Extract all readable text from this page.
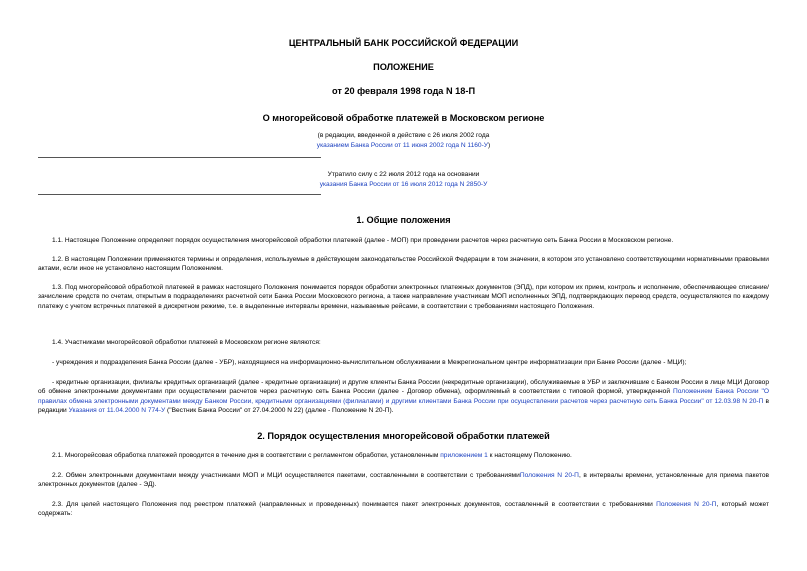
ЦЕНТРАЛЬНЫЙ БАНК РОССИЙСКОЙ ФЕДЕРАЦИИ
ПОЛОЖЕНИЕ
от 20 февраля 1998 года N 18-П
О многорейсовой обработке платежей в Московском регионе
(в редакции, введенной в действие с 26 июля 2002 года
указанием Банка России от 11 июня 2002 года N 1160-У)
Утратило силу с 22 июля 2012 года на основании
указания Банка России от 16 июля 2012 года N 2850-У
1. Общие положения
1.1. Настоящее Положение определяет порядок осуществления многорейсовой обработки платежей (далее - МОП) при проведении расчетов через расчетную сеть Банка России в Московском регионе.
1.2. В настоящем Положении применяются термины и определения, используемые в действующем законодательстве Российской Федерации в том значении, в котором это установлено соответствующими нормативными правовыми актами, если иное не установлено настоящим Положением.
1.3. Под многорейсовой обработкой платежей в рамках настоящего Положения понимается порядок обработки электронных платежных документов (ЭПД), при котором их прием, контроль и исполнение, обеспечивающее списание/зачисление средств по счетам, открытым в подразделениях расчетной сети Банка России Московского региона, а также направление участникам МОП исполненных ЭПД, подтверждающих перевод средств, осуществляются по каждому платежу с учетом встречных платежей в дискретном режиме, т.е. в выделенные интервалы времени, называемые рейсами, в соответствии с требованиями настоящего Положения.
1.4. Участниками многорейсовой обработки платежей в Московском регионе являются:
- учреждения и подразделения Банка России (далее - УБР), находящиеся на информационно-вычислительном обслуживании в Межрегиональном центре информатизации при Банке России (далее - МЦИ);
- кредитные организации, филиалы кредитных организаций (далее - кредитные организации) и другие клиенты Банка России (некредитные организации), обслуживаемые в УБР и заключившие с Банком России в лице МЦИ Договор об обмене электронными документами при осуществлении расчетов через расчетную сеть Банка России (далее - Договор обмена), оформляемый в соответствии с типовой формой, утвержденной Положением Банка России "О правилах обмена электронными документами между Банком России, кредитными организациями (филиалами) и другими клиентами Банка России при осуществлении расчетов через расчетную сеть Банка России" от 12.03.98 N 20-П в редакции Указания от 11.04.2000 N 774-У ("Вестник Банка России" от 27.04.2000 N 22) (далее - Положение N 20-П).
2. Порядок осуществления многорейсовой обработки платежей
2.1. Многорейсовая обработка платежей проводится в течение дня в соответствии с регламентом обработки, установленным приложением 1 к настоящему Положению.
2.2. Обмен электронными документами между участниками МОП и МЦИ осуществляется пакетами, составленными в соответствии с требованиямиПоложения N 20-П, в интервалы времени, установленные для приема пакетов электронных документов (далее - ЭД).
2.3. Для целей настоящего Положения под реестром платежей (направленных и проведенных) понимается пакет электронных документов, составленный в соответствии с требованиями Положения N 20-П, который может содержать:
